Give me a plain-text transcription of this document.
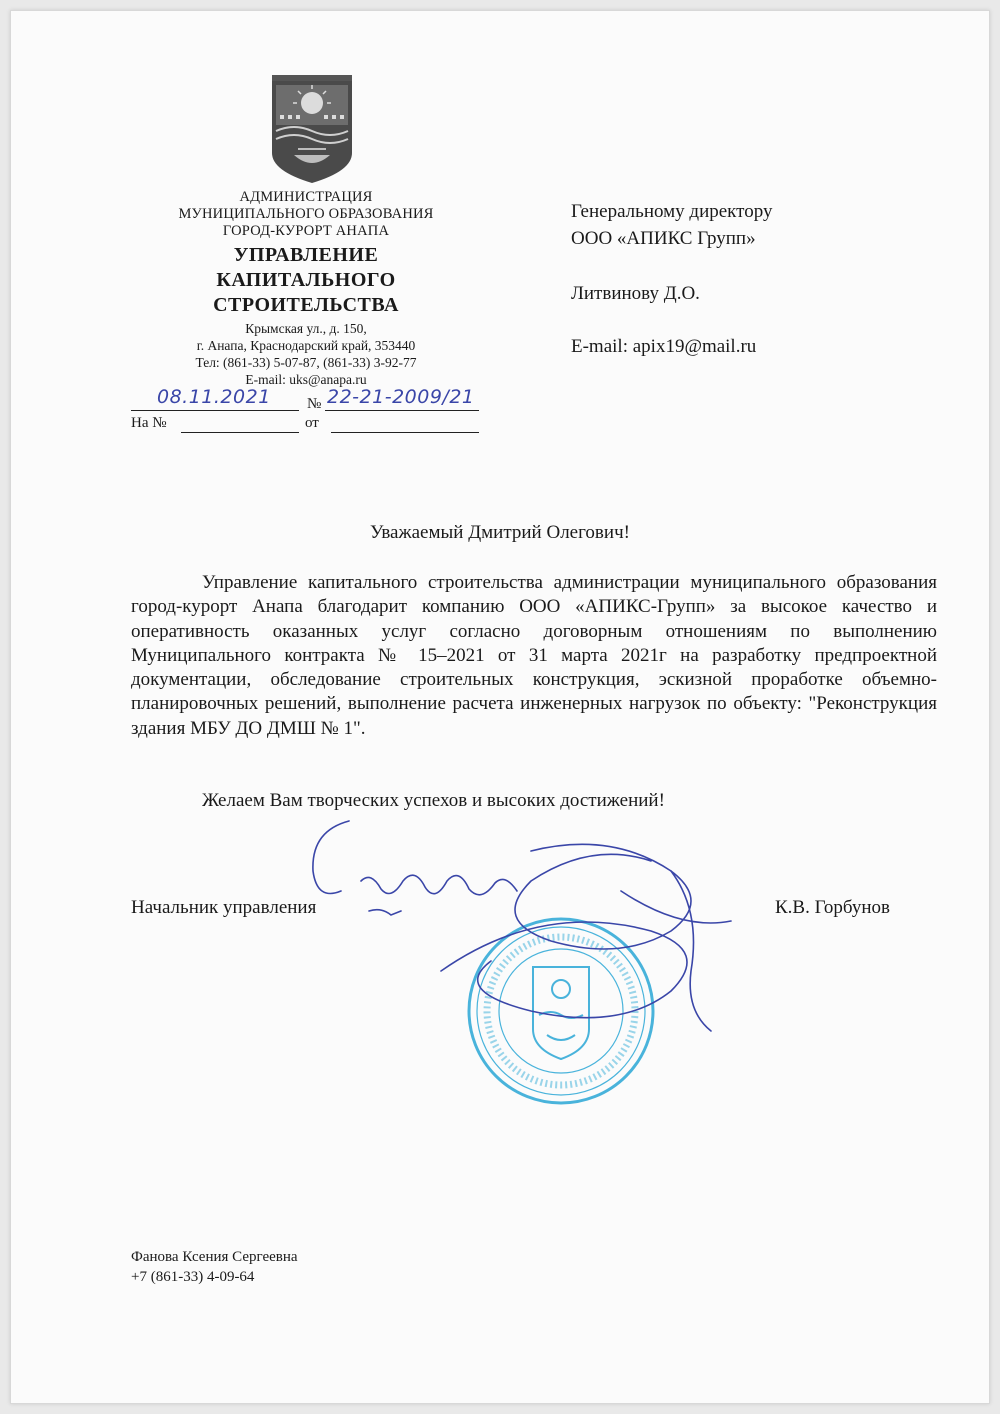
АДМИНИСТРАЦИЯ
МУНИЦИПАЛЬНОГО ОБРАЗОВАНИЯ
ГОРОД-КУРОРТ АНАПА
УПРАВЛЕНИЕ
КАПИТАЛЬНОГО
СТРОИТЕЛЬСТВА
Крымская ул., д. 150,
г. Анапа, Краснодарский край, 353440
Тел: (861-33) 5-07-87, (861-33) 3-92-77
E-mail: uks@anapa.ru
08.11.2021 № 22-21-2009/21
На №	от
Генеральному директору
ООО «АПИКС Групп»
Литвинову Д.О.
E-mail: apix19@mail.ru
Уважаемый Дмитрий Олегович!
Управление капитального строительства администрации муниципального образования город-курорт Анапа благодарит компанию ООО «АПИКС-Групп» за высокое качество и оперативность оказанных услуг согласно договорным отношениям по выполнению Муниципального контракта № 15–2021 от 31 марта 2021г на разработку предпроектной документации, обследование строительных конструкция, эскизной проработке объемно-планировочных решений, выполнение расчета инженерных нагрузок по объекту: "Реконструкция здания МБУ ДО ДМШ № 1".
Желаем Вам творческих успехов и высоких достижений!
Начальник управления	К.В. Горбунов
Фанова Ксения Сергеевна
+7 (861-33) 4-09-64
